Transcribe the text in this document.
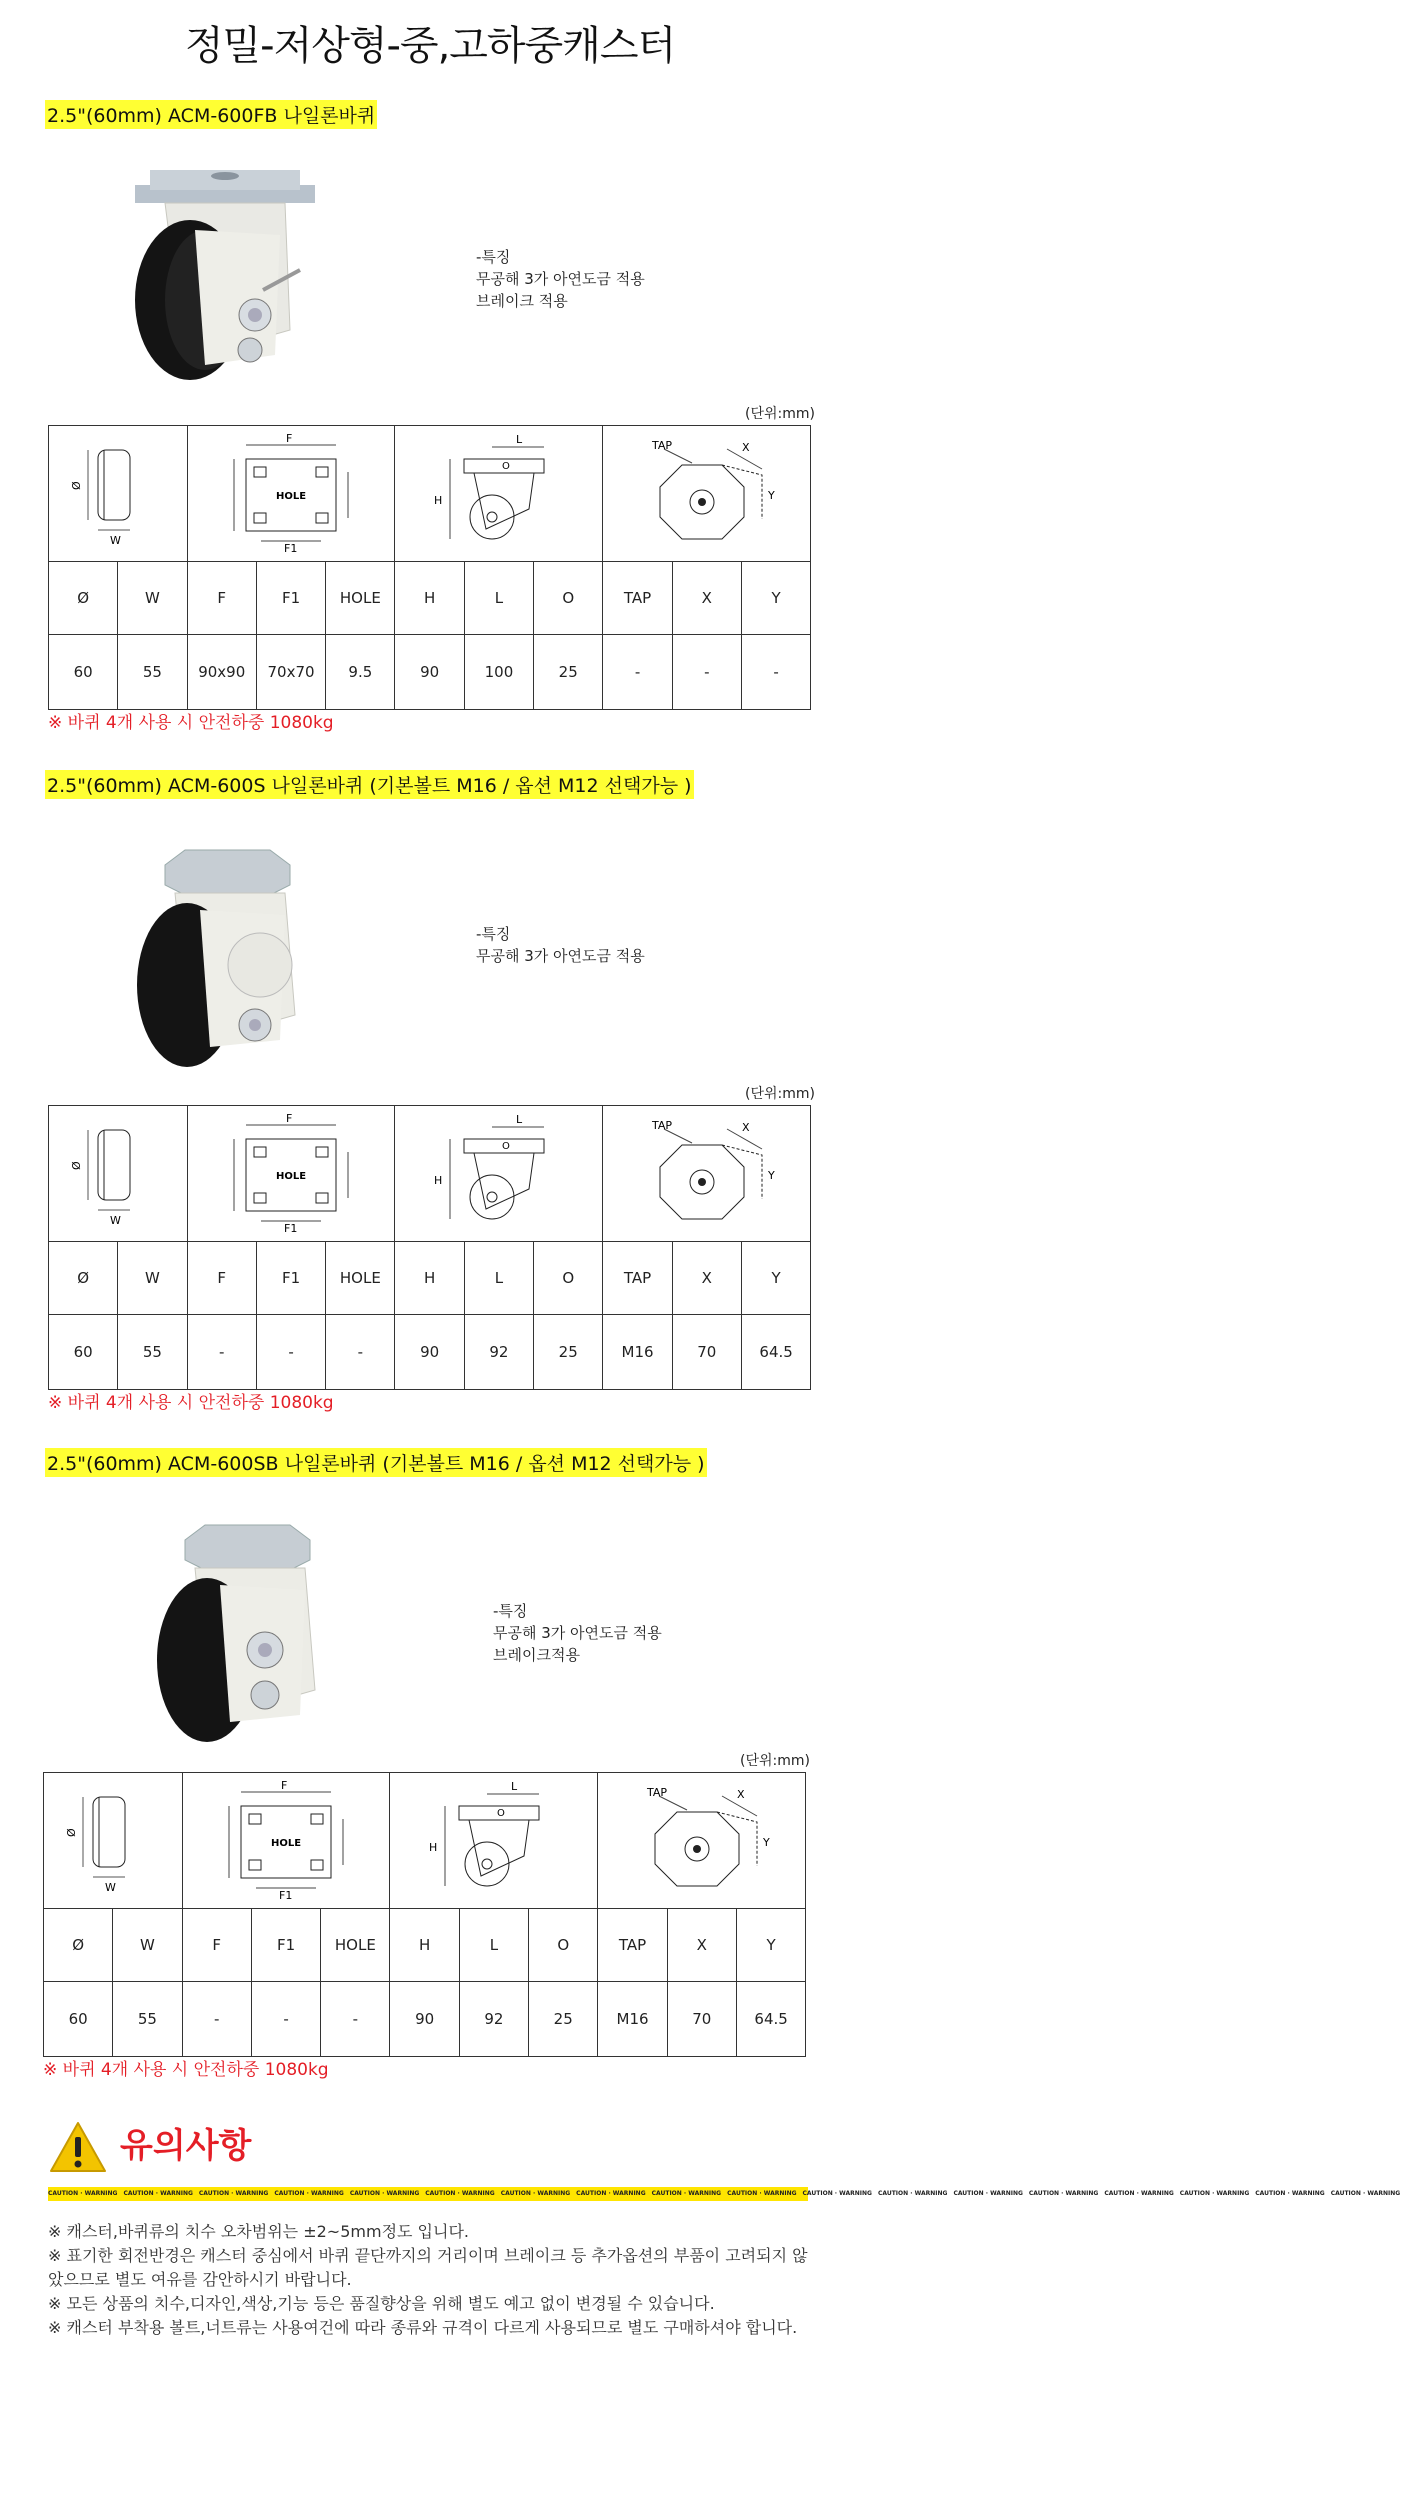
정밀-저상형-중,고하중캐스터
2.5"(60mm) ACM-600FB 나일론바퀴
-특징
무공해 3가 아연도금 적용
브레이크 적용
(단위:mm)
Ø
W		F
F1
HOLE			H
L
O			TAP X
Y		

Ø	W	F	F1	HOLE	H	L	O	TAP	X	Y
60	55	90x90	70x70	9.5	90	100	25	-	-	-
※ 바퀴 4개 사용 시 안전하중 1080kg
2.5"(60mm) ACM-600S 나일론바퀴 (기본볼트 M16 / 옵션 M12 선택가능 )
-특징
무공해 3가 아연도금 적용
(단위:mm)
Ø
W		F
F1
HOLE			H
L
O			TAP X
Y		

Ø	W	F	F1	HOLE	H	L	O	TAP	X	Y
60	55	-	-	-	90	92	25	M16	70	64.5
※ 바퀴 4개 사용 시 안전하중 1080kg
2.5"(60mm) ACM-600SB 나일론바퀴 (기본볼트 M16 / 옵션 M12 선택가능 )
-특징
무공해 3가 아연도금 적용
브레이크적용
(단위:mm)
Ø
W		F
F1
HOLE			H
L
O			TAP X
Y		

Ø	W	F	F1	HOLE	H	L	O	TAP	X	Y
60	55	-	-	-	90	92	25	M16	70	64.5
※ 바퀴 4개 사용 시 안전하중 1080kg
유의사항
CAUTION · WARNING CAUTION · WARNING CAUTION · WARNING CAUTION · WARNING CAUTION · WARNING CAUTION · WARNING CAUTION · WARNING CAUTION · WARNING CAUTION · WARNING CAUTION · WARNING CAUTION · WARNING CAUTION · WARNING CAUTION · WARNING CAUTION · WARNING CAUTION · WARNING CAUTION · WARNING CAUTION · WARNING CAUTION · WARNING
※ 캐스터,바퀴류의 치수 오차범위는 ±2~5mm정도 입니다.
※ 표기한 회전반경은 캐스터 중심에서 바퀴 끝단까지의 거리이며 브레이크 등 추가옵션의 부품이 고려되지 않았으므로 별도 여유를 감안하시기 바랍니다.
※ 모든 상품의 치수,디자인,색상,기능 등은 품질향상을 위해 별도 예고 없이 변경될 수 있습니다.
※ 캐스터 부착용 볼트,너트류는 사용여건에 따라 종류와 규격이 다르게 사용되므로 별도 구매하셔야 합니다.
